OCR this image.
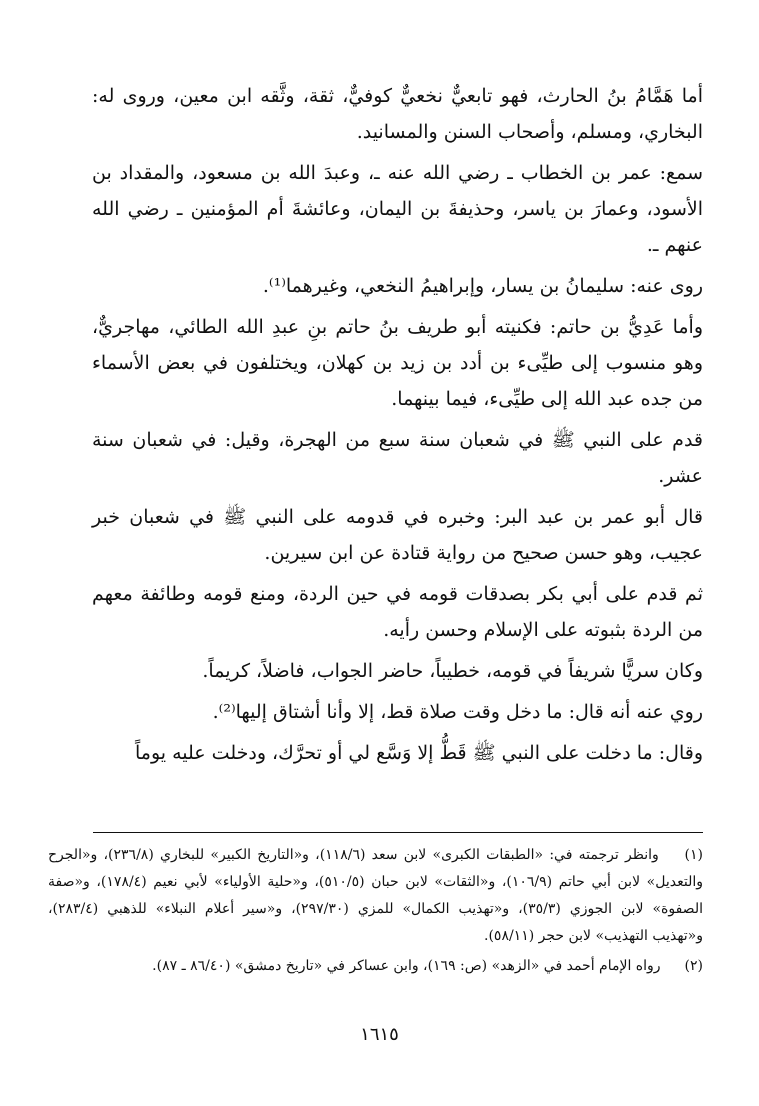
أما هَمَّامُ بنُ الحارث، فهو تابعيٌّ نخعيٌّ كوفيٌّ، ثقة، وثَّقه ابن معين، وروى له: البخاري، ومسلم، وأصحاب السنن والمسانيد.

سمع: عمر بن الخطاب ـ رضي الله عنه ـ، وعبدَ الله بن مسعود، والمقداد بن الأسود، وعمارَ بن ياسر، وحذيفةَ بن اليمان، وعائشةَ أم المؤمنين ـ رضي الله عنهم ـ.

روى عنه: سليمانُ بن يسار، وإبراهيمُ النخعي، وغيرهما⁽¹⁾.

وأما عَدِيُّ بن حاتم: فكنيته أبو طريف بنُ حاتم بنِ عبدِ الله الطائي، مهاجريٌّ، وهو منسوب إلى طيِّىء بن أدد بن زيد بن كهلان، ويختلفون في بعض الأسماء من جده عبد الله إلى طيِّىء، فيما بينهما.

قدم على النبي ﷺ في شعبان سنة سبع من الهجرة، وقيل: في شعبان سنة عشر.

قال أبو عمر بن عبد البر: وخبره في قدومه على النبي ﷺ في شعبان خبر عجيب، وهو حسن صحيح من رواية قتادة عن ابن سيرين.

ثم قدم على أبي بكر بصدقات قومه في حين الردة، ومنع قومه وطائفة معهم من الردة بثبوته على الإسلام وحسن رأيه.

وكان سريًّا شريفاً في قومه، خطيباً، حاضر الجواب، فاضلاً، كريماً.

روي عنه أنه قال: ما دخل وقت صلاة قط، إلا وأنا أشتاق إليها⁽²⁾.

وقال: ما دخلت على النبي ﷺ قَطُّ إلا وَسَّع لي أو تحرَّك، ودخلت عليه يوماً

(١) وانظر ترجمته في: «الطبقات الكبرى» لابن سعد (١١٨/٦)، و«التاريخ الكبير» للبخاري (٢٣٦/٨)، و«الجرح والتعديل» لابن أبي حاتم (١٠٦/٩)، و«الثقات» لابن حبان (٥١٠/٥)، و«حلية الأولياء» لأبي نعيم (١٧٨/٤)، و«صفة الصفوة» لابن الجوزي (٣٥/٣)، و«تهذيب الكمال» للمزي (٢٩٧/٣٠)، و«سير أعلام النبلاء» للذهبي (٢٨٣/٤)، و«تهذيب التهذيب» لابن حجر (٥٨/١١).

(٢) رواه الإمام أحمد في «الزهد» (ص: ١٦٩)، وابن عساكر في «تاريخ دمشق» (٨٦/٤٠ ـ ٨٧).

١٦١٥
